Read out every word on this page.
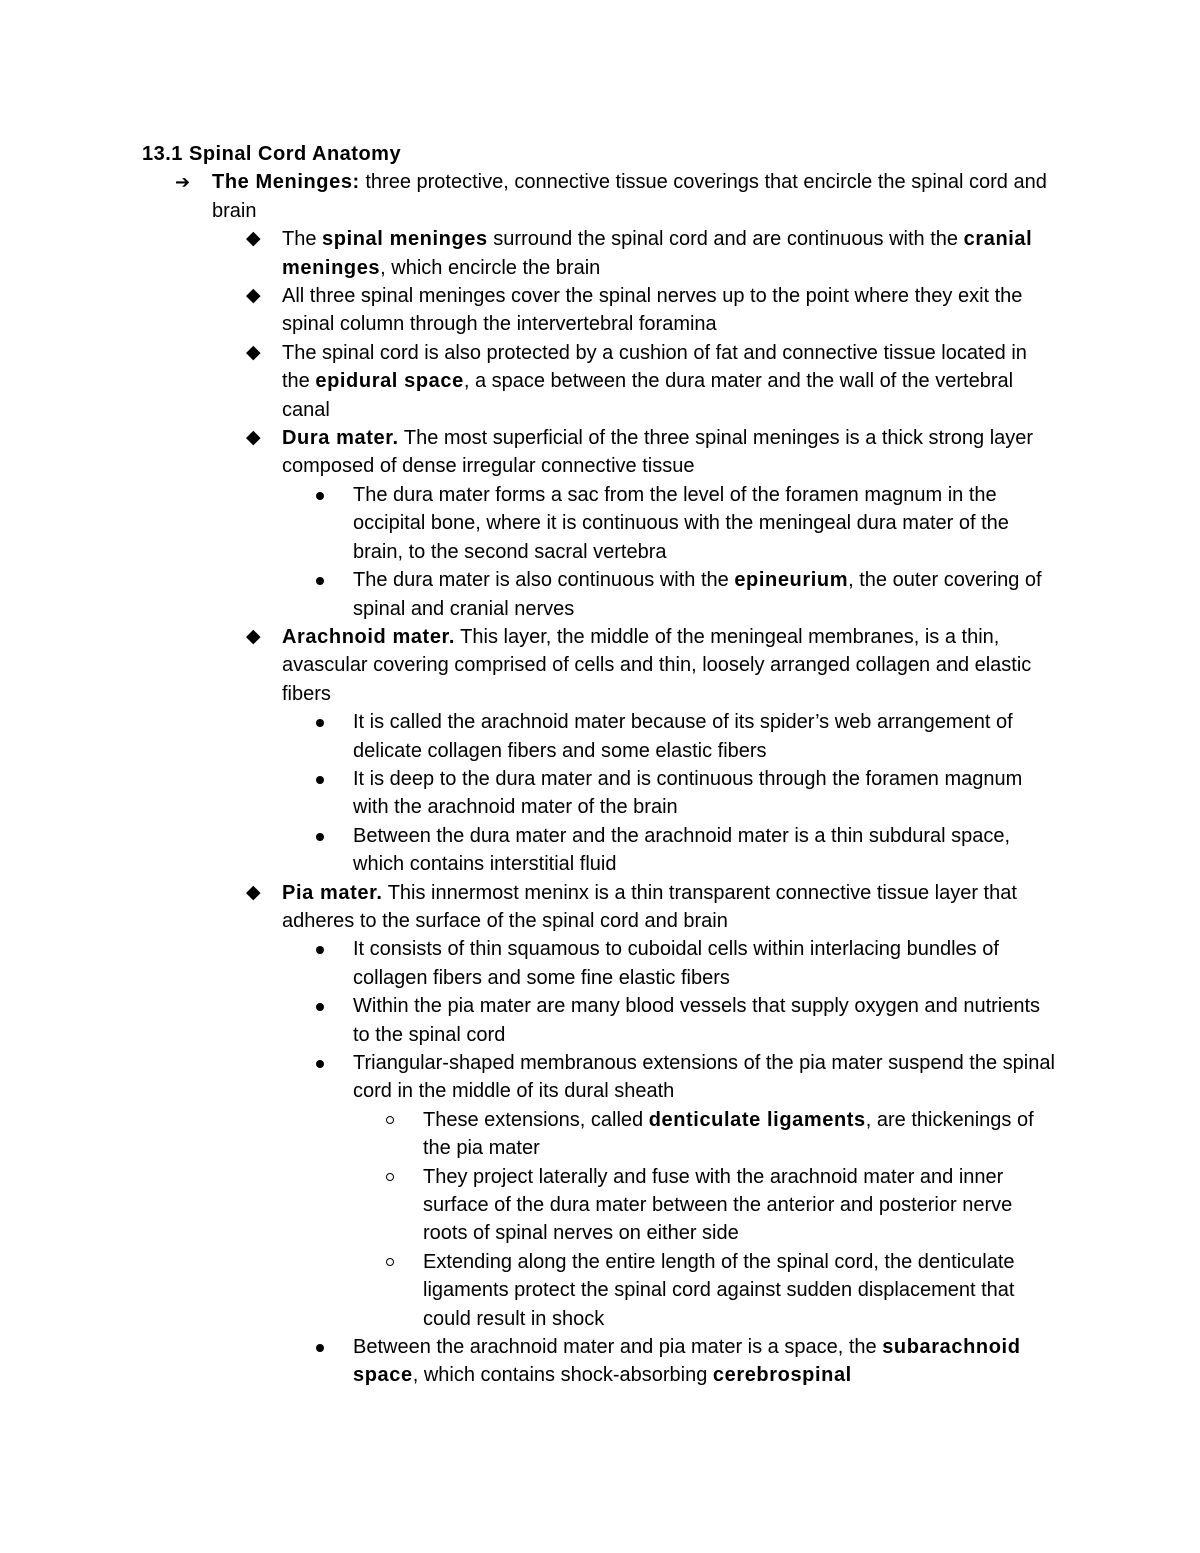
13.1 Spinal Cord Anatomy

➔ The Meninges: three protective, connective tissue coverings that encircle the spinal cord and brain
◆ The spinal meninges surround the spinal cord and are continuous with the cranial meninges, which encircle the brain
◆ All three spinal meninges cover the spinal nerves up to the point where they exit the spinal column through the intervertebral foramina
◆ The spinal cord is also protected by a cushion of fat and connective tissue located in the epidural space, a space between the dura mater and the wall of the vertebral canal
◆ Dura mater. The most superficial of the three spinal meninges is a thick strong layer composed of dense irregular connective tissue
The dura mater forms a sac from the level of the foramen magnum in the occipital bone, where it is continuous with the meningeal dura mater of the brain, to the second sacral vertebra
The dura mater is also continuous with the epineurium, the outer covering of spinal and cranial nerves
◆ Arachnoid mater. This layer, the middle of the meningeal membranes, is a thin, avascular covering comprised of cells and thin, loosely arranged collagen and elastic fibers
It is called the arachnoid mater because of its spider’s web arrangement of delicate collagen fibers and some elastic fibers
It is deep to the dura mater and is continuous through the foramen magnum with the arachnoid mater of the brain
Between the dura mater and the arachnoid mater is a thin subdural space, which contains interstitial fluid
◆ Pia mater. This innermost meninx is a thin transparent connective tissue layer that adheres to the surface of the spinal cord and brain
It consists of thin squamous to cuboidal cells within interlacing bundles of collagen fibers and some fine elastic fibers
Within the pia mater are many blood vessels that supply oxygen and nutrients to the spinal cord
Triangular-shaped membranous extensions of the pia mater suspend the spinal cord in the middle of its dural sheath
These extensions, called denticulate ligaments, are thickenings of the pia mater
They project laterally and fuse with the arachnoid mater and inner surface of the dura mater between the anterior and posterior nerve roots of spinal nerves on either side
Extending along the entire length of the spinal cord, the denticulate ligaments protect the spinal cord against sudden displacement that could result in shock
Between the arachnoid mater and pia mater is a space, the subarachnoid space, which contains shock-absorbing cerebrospinal
